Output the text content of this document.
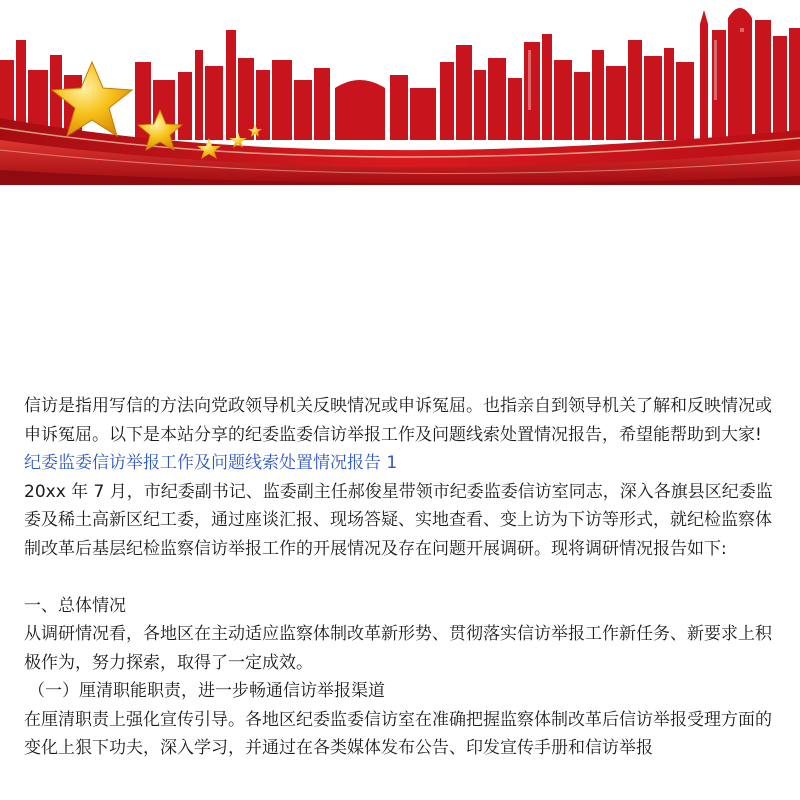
信访是指用写信的方法向党政领导机关反映情况或申诉冤屈。也指亲自到领导机关了解和反映情况或申诉冤屈。以下是本站分享的纪委监委信访举报工作及问题线索处置情况报告，希望能帮助到大家!

纪委监委信访举报工作及问题线索处置情况报告 1

20xx 年 7 月，市纪委副书记、监委副主任郝俊星带领市纪委监委信访室同志，深入各旗县区纪委监委及稀土高新区纪工委，通过座谈汇报、现场答疑、实地查看、变上访为下访等形式，就纪检监察体制改革后基层纪检监察信访举报工作的开展情况及存在问题开展调研。现将调研情况报告如下:

一、总体情况

从调研情况看，各地区在主动适应监察体制改革新形势、贯彻落实信访举报工作新任务、新要求上积极作为，努力探索，取得了一定成效。

（一）厘清职能职责，进一步畅通信访举报渠道

在厘清职责上强化宣传引导。各地区纪委监委信访室在准确把握监察体制改革后信访举报受理方面的变化上狠下功夫，深入学习，并通过在各类媒体发布公告、印发宣传手册和信访举报
